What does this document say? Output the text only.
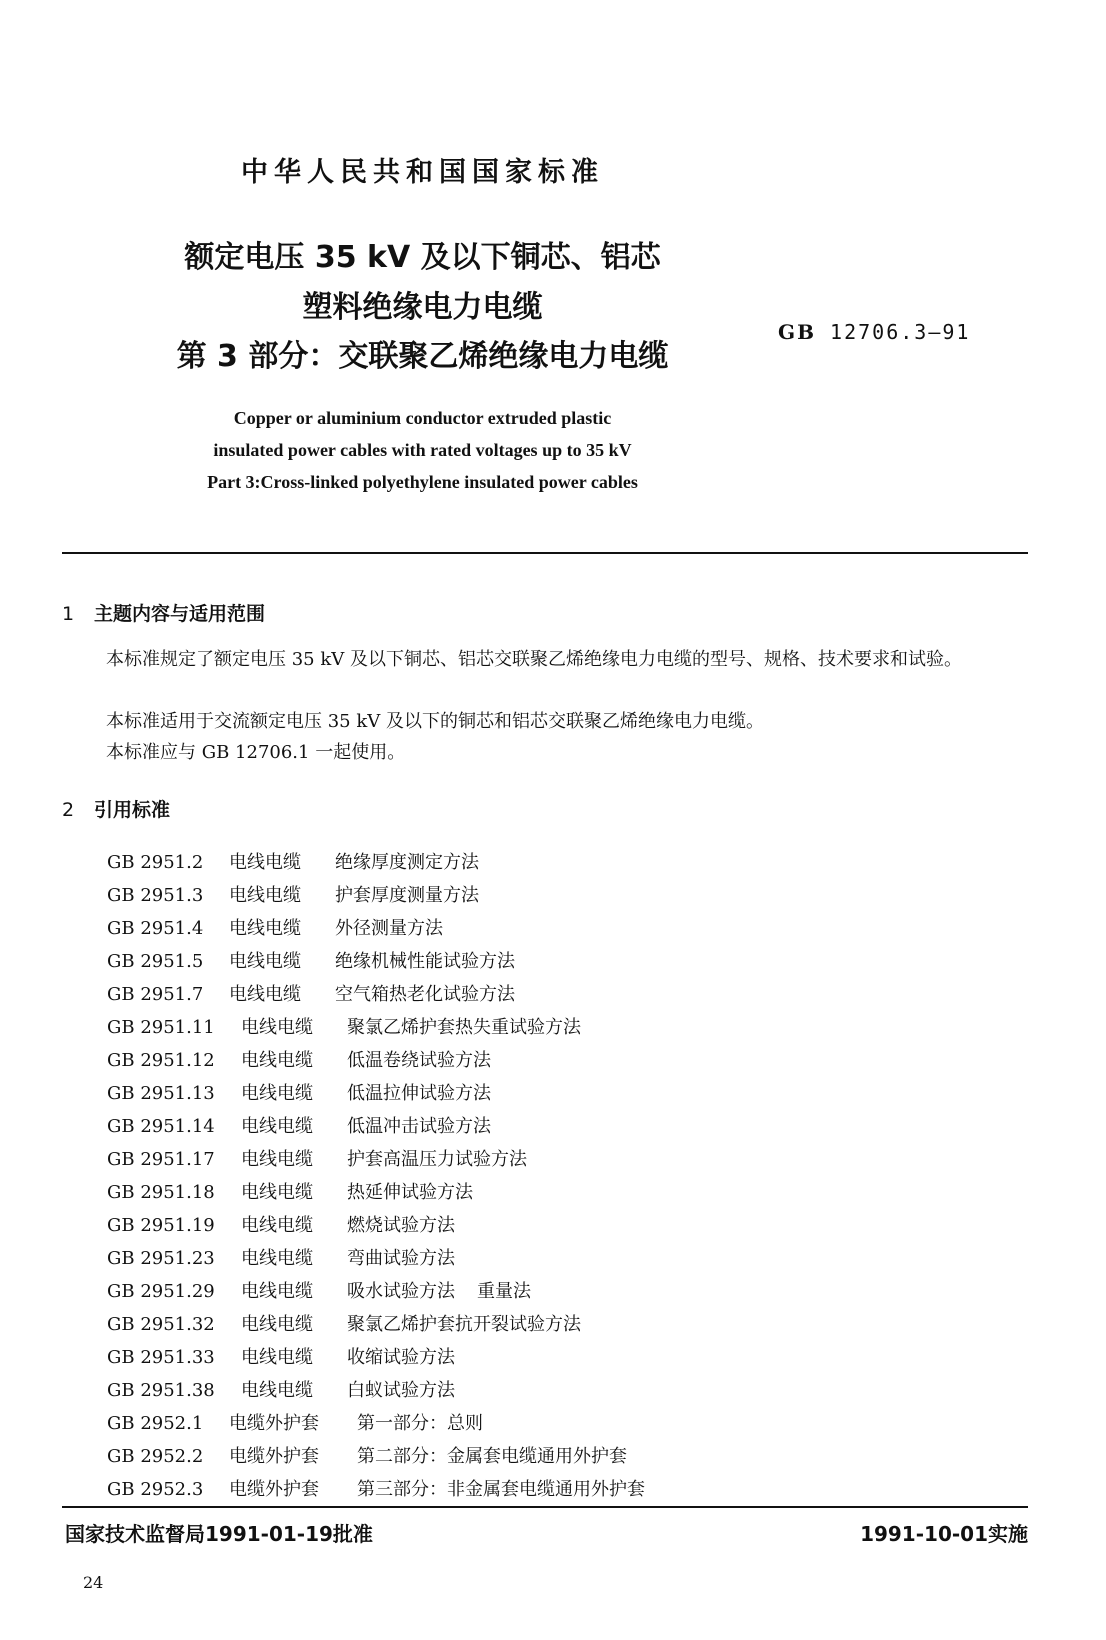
中华人民共和国国家标准
额定电压 35 kV 及以下铜芯、铝芯
塑料绝缘电力电缆
第 3 部分：交联聚乙烯绝缘电力电缆
GB 12706.3—91
Copper or aluminium conductor extruded plastic
insulated power cables with rated voltages up to 35 kV
Part 3:Cross-linked polyethylene insulated power cables
1 主题内容与适用范围
本标准规定了额定电压 35 kV 及以下铜芯、铝芯交联聚乙烯绝缘电力电缆的型号、规格、技术要求和试验。
本标准适用于交流额定电压 35 kV 及以下的铜芯和铝芯交联聚乙烯绝缘电力电缆。
本标准应与 GB 12706.1 一起使用。
2 引用标准
GB 2951.2 电线电缆 绝缘厚度测定方法
GB 2951.3 电线电缆 护套厚度测量方法
GB 2951.4 电线电缆 外径测量方法
GB 2951.5 电线电缆 绝缘机械性能试验方法
GB 2951.7 电线电缆 空气箱热老化试验方法
GB 2951.11 电线电缆 聚氯乙烯护套热失重试验方法
GB 2951.12 电线电缆 低温卷绕试验方法
GB 2951.13 电线电缆 低温拉伸试验方法
GB 2951.14 电线电缆 低温冲击试验方法
GB 2951.17 电线电缆 护套高温压力试验方法
GB 2951.18 电线电缆 热延伸试验方法
GB 2951.19 电线电缆 燃烧试验方法
GB 2951.23 电线电缆 弯曲试验方法
GB 2951.29 电线电缆 吸水试验方法 重量法
GB 2951.32 电线电缆 聚氯乙烯护套抗开裂试验方法
GB 2951.33 电线电缆 收缩试验方法
GB 2951.38 电线电缆 白蚁试验方法
GB 2952.1 电缆外护套 第一部分：总则
GB 2952.2 电缆外护套 第二部分：金属套电缆通用外护套
GB 2952.3 电缆外护套 第三部分：非金属套电缆通用外护套
国家技术监督局1991-01-19批准	1991-10-01实施
24
